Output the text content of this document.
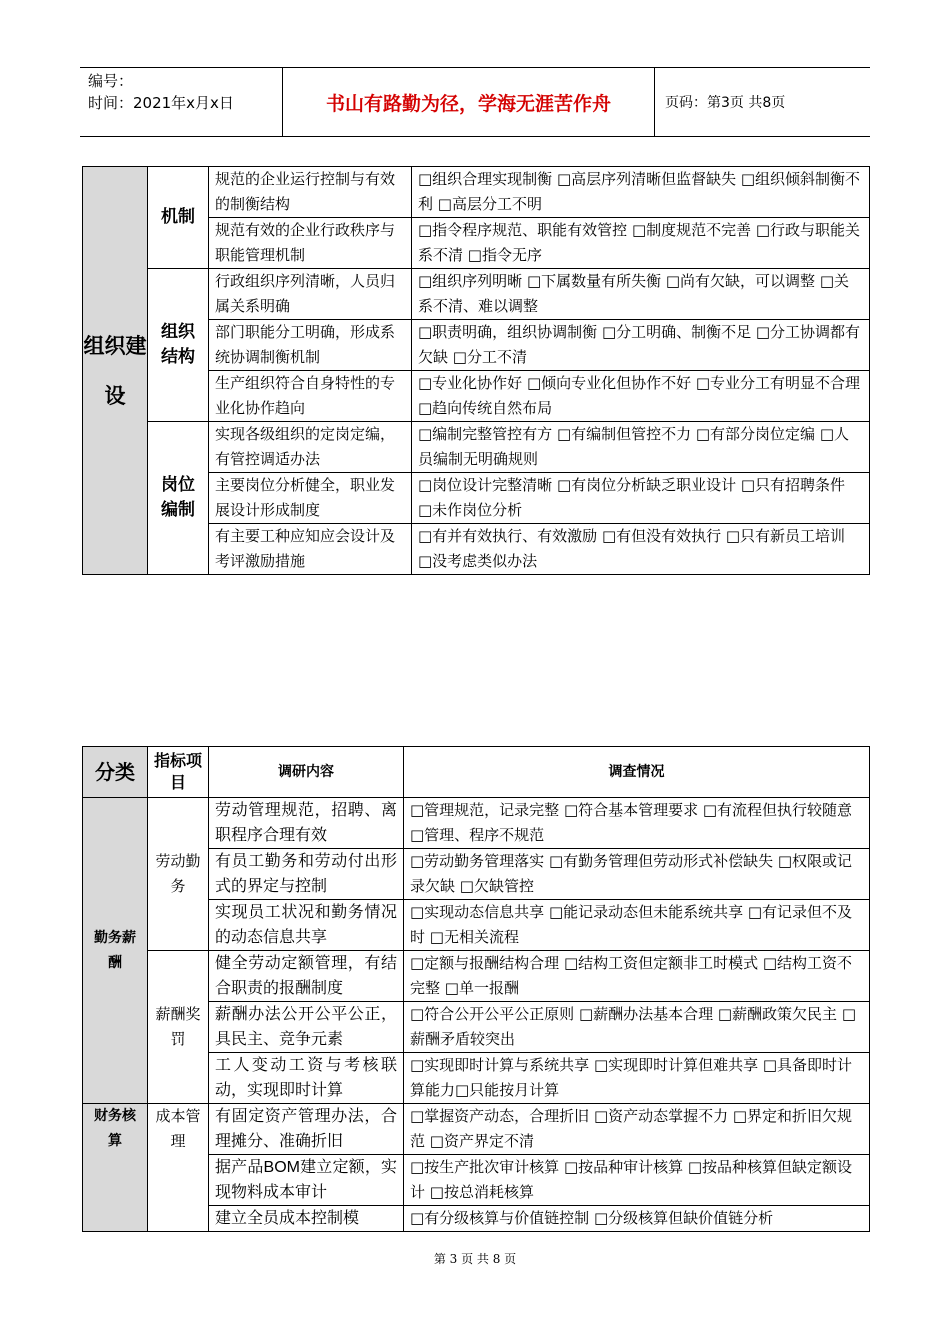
编号：
时间：2021年x月x日	书山有路勤为径，学海无涯苦作舟	页码：第3页 共8页
组织建设	机制	规范的企业运行控制与有效的制衡结构	□组织合理实现制衡 □高层序列清晰但监督缺失 □组织倾斜制衡不利 □高层分工不明
		规范有效的企业行政秩序与职能管理机制	□指令程序规范、职能有效管控 □制度规范不完善 □行政与职能关系不清 □指令无序
	组织结构	行政组织序列清晰，人员归属关系明确	□组织序列明晰 □下属数量有所失衡 □尚有欠缺，可以调整 □关系不清、难以调整
		部门职能分工明确，形成系统协调制衡机制	□职责明确，组织协调制衡 □分工明确、制衡不足 □分工协调都有欠缺 □分工不清
		生产组织符合自身特性的专业化协作趋向	□专业化协作好 □倾向专业化但协作不好 □专业分工有明显不合理 □趋向传统自然布局
	岗位编制	实现各级组织的定岗定编，有管控调适办法	□编制完整管控有方 □有编制但管控不力 □有部分岗位定编 □人员编制无明确规则
		主要岗位分析健全，职业发展设计形成制度	□岗位设计完整清晰 □有岗位分析缺乏职业设计 □只有招聘条件 □未作岗位分析
		有主要工种应知应会设计及考评激励措施	□有并有效执行、有效激励 □有但没有效执行 □只有新员工培训 □没考虑类似办法
分类	指标项目	调研内容	调查情况
勤务薪酬	劳动勤务	劳动管理规范，招聘、离职程序合理有效	□管理规范，记录完整 □符合基本管理要求 □有流程但执行较随意 □管理、程序不规范
		有员工勤务和劳动付出形式的界定与控制	□劳动勤务管理落实 □有勤务管理但劳动形式补偿缺失 □权限或记录欠缺 □欠缺管控
		实现员工状况和勤务情况的动态信息共享	□实现动态信息共享 □能记录动态但未能系统共享 □有记录但不及时 □无相关流程
	薪酬奖罚	健全劳动定额管理，有结合职责的报酬制度	□定额与报酬结构合理 □结构工资但定额非工时模式 □结构工资不完整 □单一报酬
		薪酬办法公开公平公正，具民主、竞争元素	□符合公开公平公正原则 □薪酬办法基本合理 □薪酬政策欠民主 □薪酬矛盾较突出
		工人变动工资与考核联动，实现即时计算	□实现即时计算与系统共享 □实现即时计算但难共享 □具备即时计算能力□只能按月计算
财务核算	成本管理	有固定资产管理办法，合理摊分、准确折旧	□掌握资产动态，合理折旧 □资产动态掌握不力 □界定和折旧欠规范 □资产界定不清
		据产品BOM建立定额，实现物料成本审计	□按生产批次审计核算 □按品种审计核算 □按品种核算但缺定额设计 □按总消耗核算
		建立全员成本控制模	□有分级核算与价值链控制 □分级核算但缺价值链分析
第 3 页 共 8 页
